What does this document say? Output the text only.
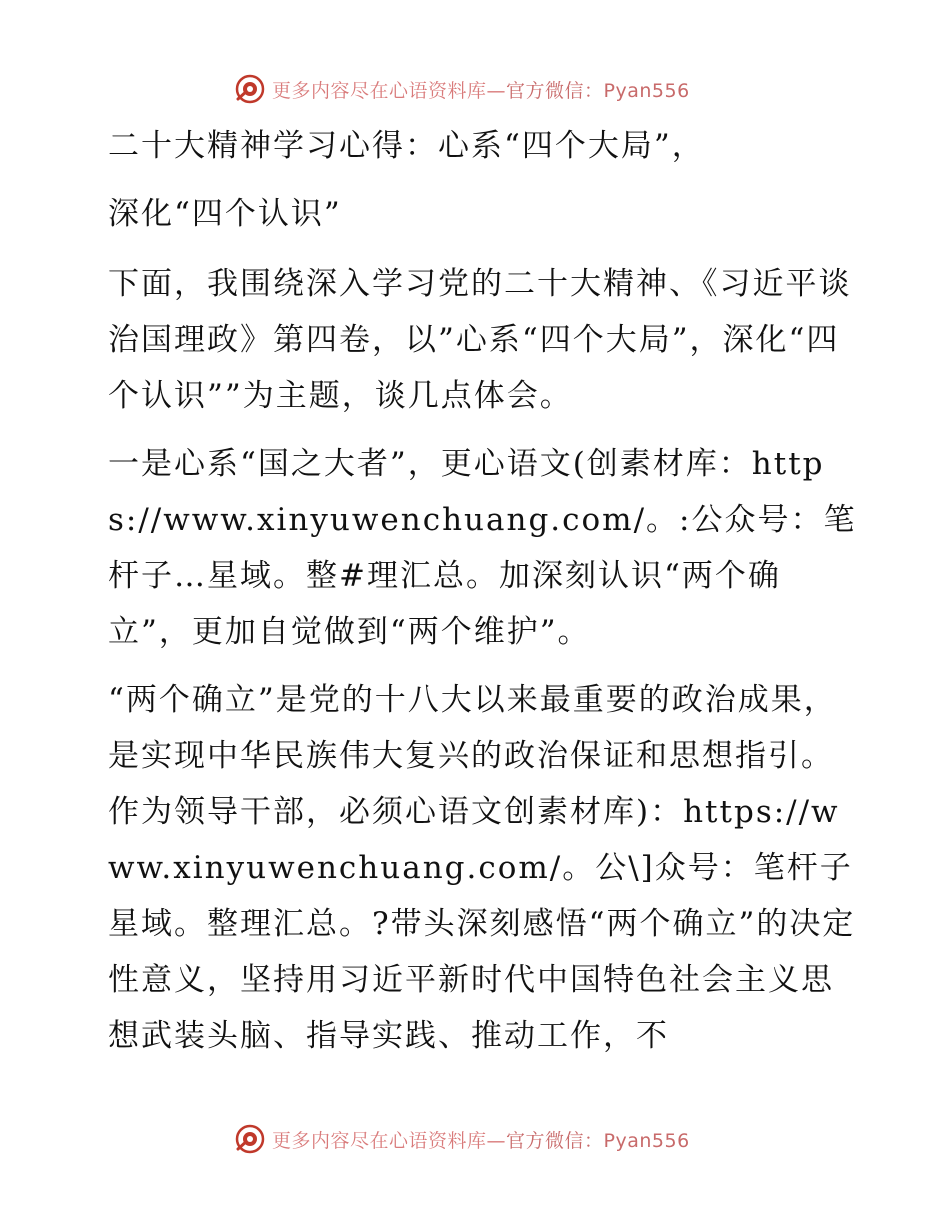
更多内容尽在心语资料库—官方微信：Pyan556

二十大精神学习心得：心系“四个大局”，

深化“四个认识”

下面，我围绕深入学习党的二十大精神、《习近平谈治国理政》第四卷，以”心系“四个大局”，深化“四个认识””为主题，谈几点体会。

一是心系“国之大者”，更心语文(创素材库：https://www.xinyuwenchuang.com/。:公众号：笔杆子…星域。整#理汇总。加深刻认识“两个确立”，更加自觉做到“两个维护”。

“两个确立”是党的十八大以来最重要的政治成果，是实现中华民族伟大复兴的政治保证和思想指引。作为领导干部，必须心语文创素材库)：https://www.xinyuwenchuang.com/。公\]众号：笔杆子星域。整理汇总。?带头深刻感悟“两个确立”的决定性意义，坚持用习近平新时代中国特色社会主义思想武装头脑、指导实践、推动工作，不

更多内容尽在心语资料库—官方微信：Pyan556
